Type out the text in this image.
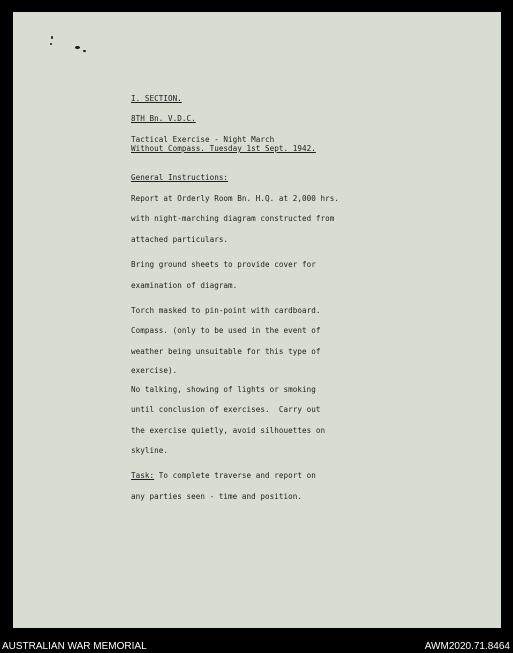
I. SECTION.
8TH Bn. V.D.C.
Tactical Exercise - Night March
Without Compass. Tuesday 1st Sept. 1942.
General Instructions:
Report at Orderly Room Bn. H.Q. at 2,000 hrs.
with night-marching diagram constructed from
attached particulars.
Bring ground sheets to provide cover for
examination of diagram.
Torch masked to pin-point with cardboard.
Compass. (only to be used in the event of
weather being unsuitable for this type of
exercise).
No talking, showing of lights or smoking
until conclusion of exercises.  Carry out
the exercise quietly, avoid silhouettes on
skyline.
Task: To complete traverse and report on
any parties seen - time and position.
AUSTRALIAN WAR MEMORIAL	AWM2020.71.8464
